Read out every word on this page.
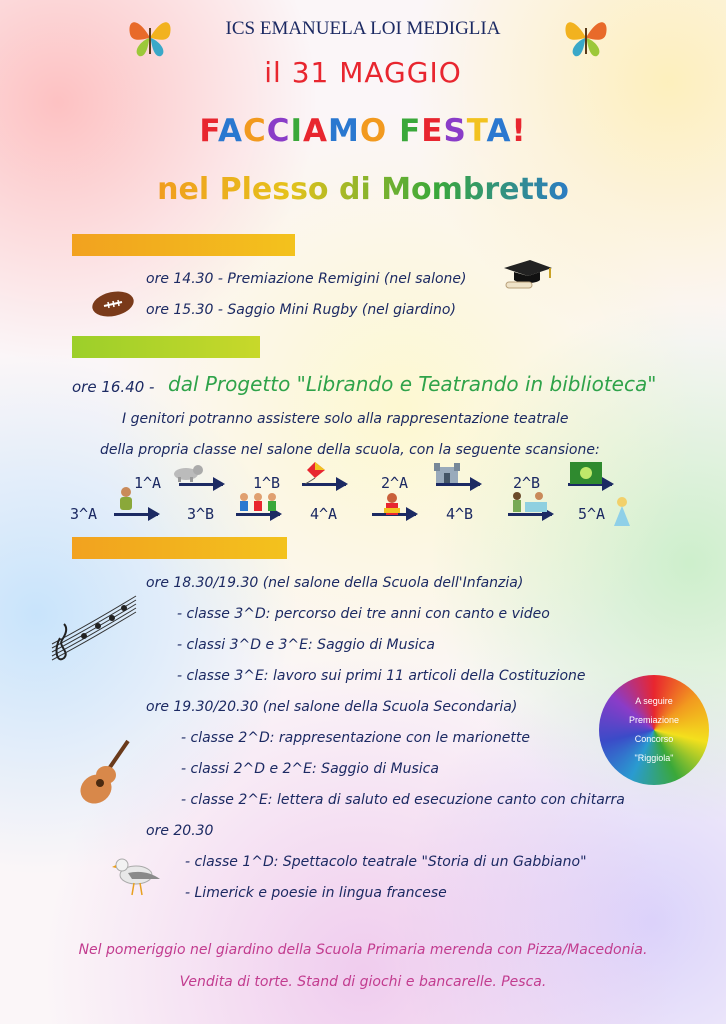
ICS EMANUELA LOI MEDIGLIA
il 31 MAGGIO
FACCIAMO FESTA!
nel Plesso di Mombretto
ore 14.30 - Premiazione Remigini (nel salone)
ore 15.30 - Saggio Mini Rugby (nel giardino)
ore 16.40 - dal Progetto "Librando e Teatrando in biblioteca"
I genitori potranno assistere solo alla rappresentazione teatrale
della propria classe nel salone della scuola, con la seguente scansione:
1^A	1^B	2^A	2^B
3^A	3^B	4^A	4^B	5^A
ore 18.30/19.30 (nel salone della Scuola dell'Infanzia)
- classe 3^D: percorso dei tre anni con canto e video
- classi 3^D e 3^E: Saggio di Musica
- classe 3^E: lavoro sui primi 11 articoli della Costituzione
ore 19.30/20.30 (nel salone della Scuola Secondaria)
- classe 2^D: rappresentazione con le marionette
- classi 2^D e 2^E: Saggio di Musica
- classe 2^E: lettera di saluto ed esecuzione canto con chitarra
ore 20.30
- classe 1^D: Spettacolo teatrale "Storia di un Gabbiano"
- Limerick e poesie in lingua francese
A seguire
Premiazione
Concorso
"Riggiola"
Nel pomeriggio nel giardino della Scuola Primaria merenda con Pizza/Macedonia.
Vendita di torte. Stand di giochi e bancarelle. Pesca.
